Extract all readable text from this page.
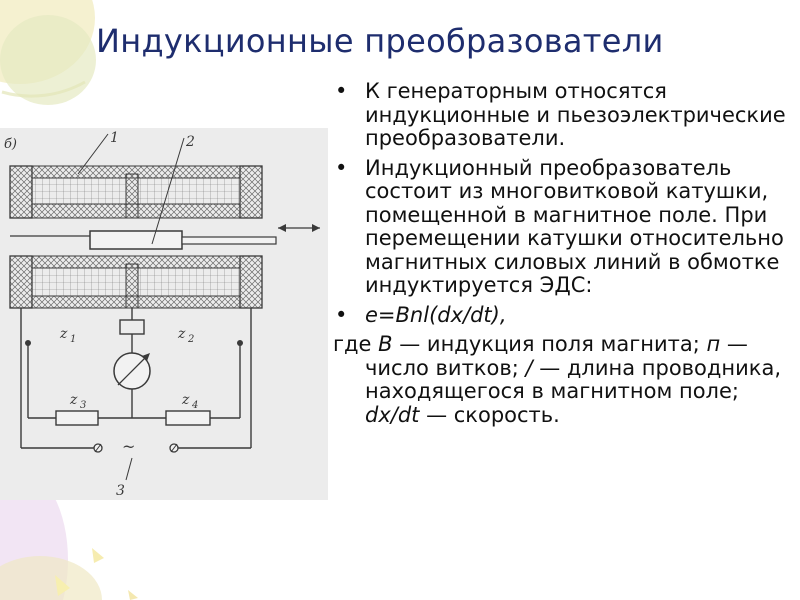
Индукционные преобразователи
б)	1	2
~
3
z 1	z 2
z 3	z 4
• К генераторным относятся индукционные и пьезоэлектрические преобразователи.
• Индукционный преобразователь состоит из многовитковой катушки, помещенной в магнитное поле. При перемещении катушки относительно магнитных силовых линий в обмотке индуктируется ЭДС:
• e=Bnl(dx/dt),
где В — индукция поля магнита; п — число витков; / — длина проводника, находящегося в магнитном поле; dx/dt — скорость.
